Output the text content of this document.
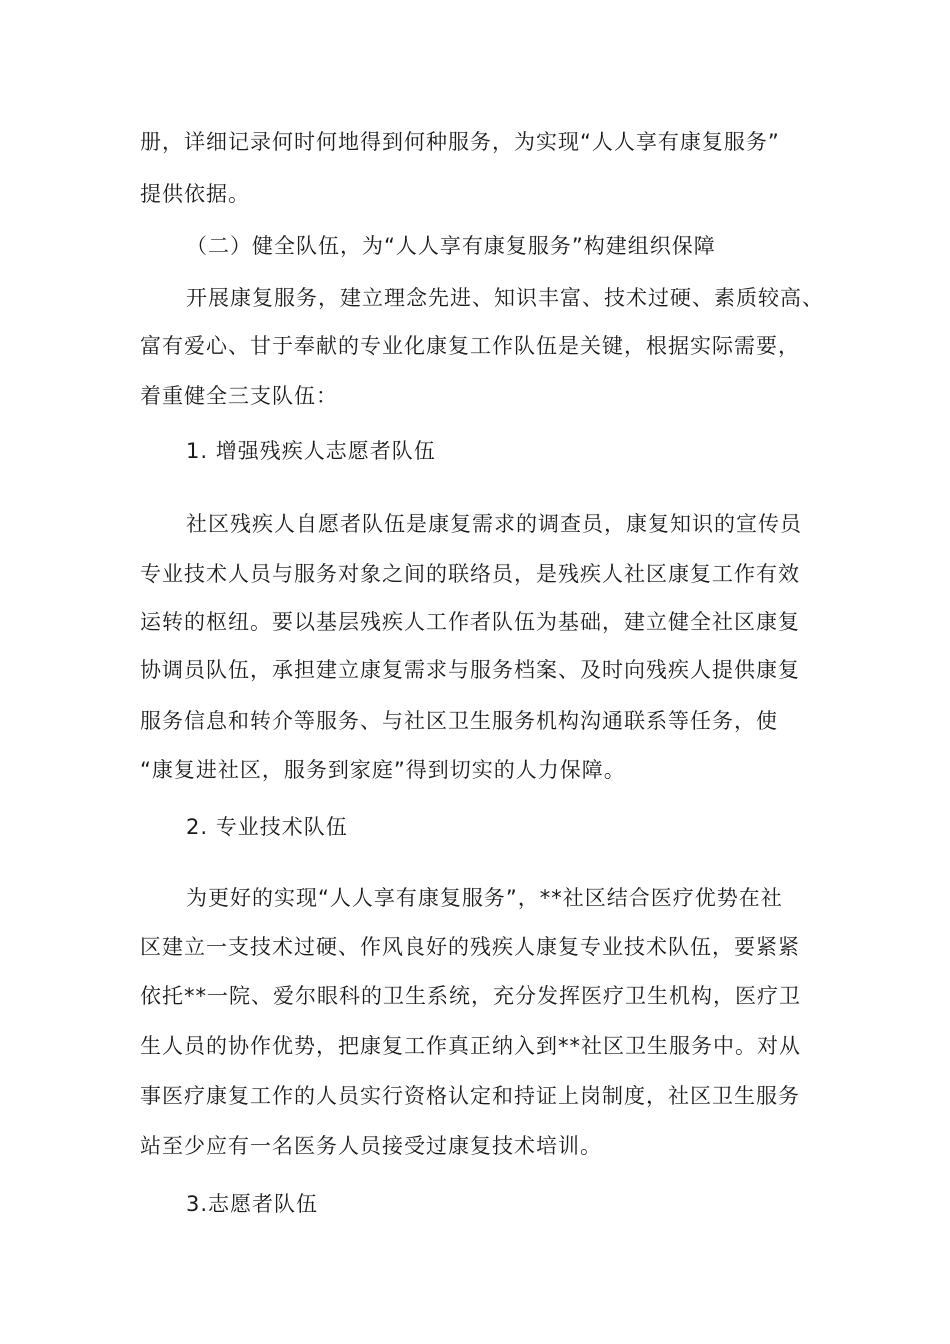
册，详细记录何时何地得到何种服务，为实现“人人享有康复服务”
提供依据。
（二）健全队伍，为“人人享有康复服务”构建组织保障
开展康复服务，建立理念先进、知识丰富、技术过硬、素质较高、
富有爱心、甘于奉献的专业化康复工作队伍是关键，根据实际需要，
着重健全三支队伍：
1. 增强残疾人志愿者队伍
社区残疾人自愿者队伍是康复需求的调查员，康复知识的宣传员
专业技术人员与服务对象之间的联络员，是残疾人社区康复工作有效
运转的枢纽。要以基层残疾人工作者队伍为基础，建立健全社区康复
协调员队伍，承担建立康复需求与服务档案、及时向残疾人提供康复
服务信息和转介等服务、与社区卫生服务机构沟通联系等任务，使
“康复进社区，服务到家庭”得到切实的人力保障。
2. 专业技术队伍
为更好的实现“人人享有康复服务”，**社区结合医疗优势在社
区建立一支技术过硬、作风良好的残疾人康复专业技术队伍，要紧紧
依托**一院、爱尔眼科的卫生系统，充分发挥医疗卫生机构，医疗卫
生人员的协作优势，把康复工作真正纳入到**社区卫生服务中。对从
事医疗康复工作的人员实行资格认定和持证上岗制度，社区卫生服务
站至少应有一名医务人员接受过康复技术培训。
3.志愿者队伍
